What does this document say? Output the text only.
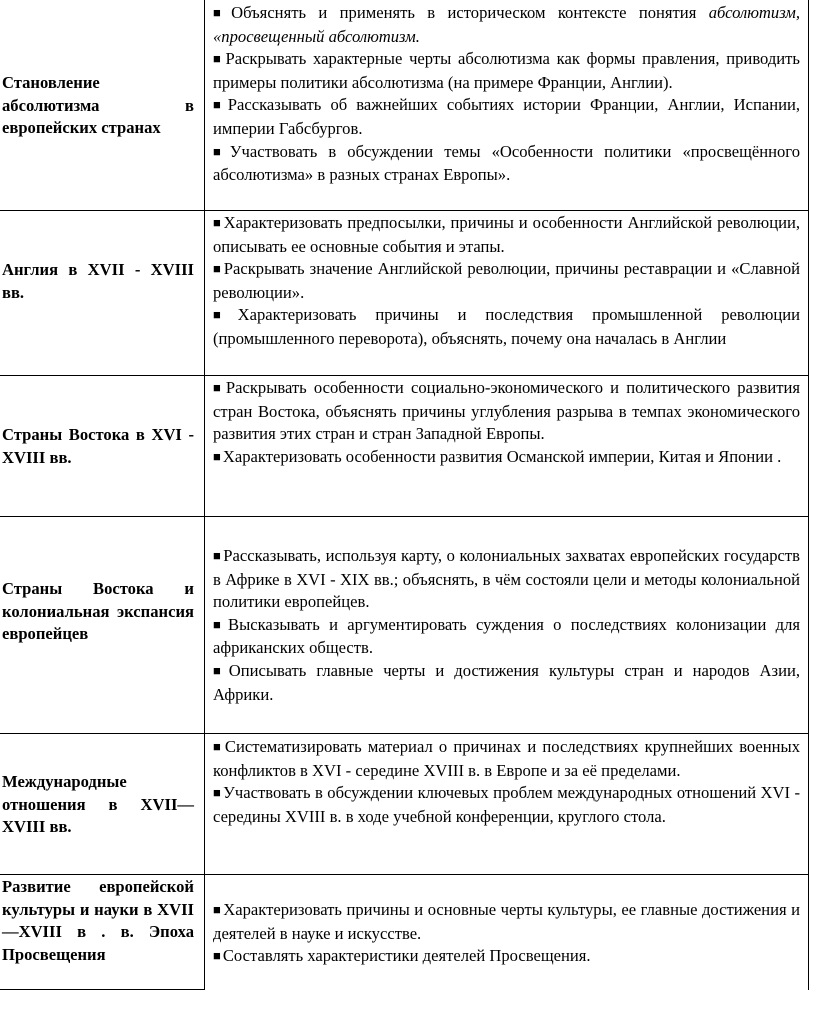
Становление абсолютизма в европейских странах

■ Объяснять и применять в историческом контексте понятия абсолютизм, «просвещенный абсолютизм.

■ Раскрывать характерные черты абсолютизма как формы правления, приводить примеры политики абсолютизма (на примере Франции, Англии).

■ Рассказывать об важнейших событиях истории Франции, Англии, Испании, империи Габсбургов.

■ Участвовать в обсуждении темы «Особенности политики «просвещённого абсолютизма» в разных странах Европы».

Англия в XVII - XVIII вв.

■ Характеризовать предпосылки, причины и особенности Английской революции, описывать ее основные события и этапы.

■ Раскрывать значение Английской революции, причины реставрации и «Славной революции».

■ Характеризовать причины и последствия промышленной революции (промышленного переворота), объяснять, почему она началась в Англии

Страны Востока в XVI - XVIII вв.

■ Раскрывать особенности социально-экономического и политического развития стран Востока, объяснять причины углубления разрыва в темпах экономического развития этих стран и стран Западной Европы.

■ Характеризовать особенности развития Османской империи, Китая и Японии .

Страны Востока и колониальная экспансия европейцев

■ Рассказывать, используя карту, о колониальных захватах европейских государств в Африке в XVI - XIX вв.; объяснять, в чём состояли цели и методы колониальной политики европейцев.

■ Высказывать и аргументировать суждения о последствиях колонизации для африканских обществ.

■ Описывать главные черты и достижения культуры стран и народов Азии, Африки.

Международные отношения в XVII—XVIII вв.

■ Систематизировать материал о причинах и последствиях крупнейших военных конфликтов в XVI - середине XVIII в. в Европе и за её пределами.

■ Участвовать в обсуждении ключевых проблем международных отношений XVI - середины XVIII в. в ходе учебной конференции, круглого стола.

Развитие европейской культуры и науки в XVII—XVIII в . в. Эпоха Просвещения

■ Характеризовать причины и основные черты культуры, ее главные достижения и деятелей в науке и искусстве.

■ Составлять характеристики деятелей Просвещения.
